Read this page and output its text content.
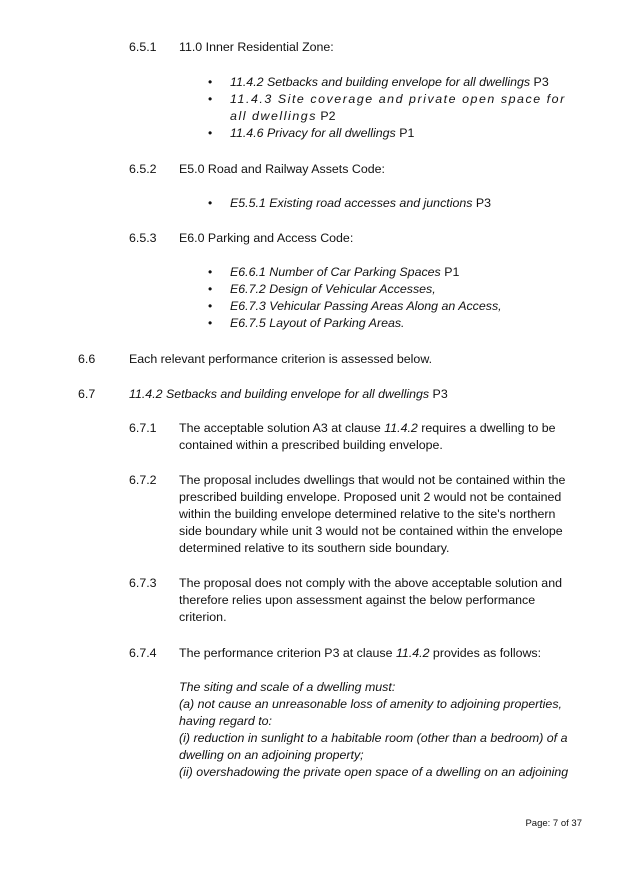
6.5.1 11.0 Inner Residential Zone:
• 11.4.2 Setbacks and building envelope for all dwellings P3
• 11.4.3 Site coverage and private open space for all dwellings P2
• 11.4.6 Privacy for all dwellings P1
6.5.2 E5.0 Road and Railway Assets Code:
• E5.5.1 Existing road accesses and junctions P3
6.5.3 E6.0 Parking and Access Code:
• E6.6.1 Number of Car Parking Spaces P1
• E6.7.2 Design of Vehicular Accesses,
• E6.7.3 Vehicular Passing Areas Along an Access,
• E6.7.5 Layout of Parking Areas.
6.6	Each relevant performance criterion is assessed below.
6.7	11.4.2 Setbacks and building envelope for all dwellings P3
6.7.1 The acceptable solution A3 at clause 11.4.2 requires a dwelling to be contained within a prescribed building envelope.
6.7.2 The proposal includes dwellings that would not be contained within the prescribed building envelope. Proposed unit 2 would not be contained within the building envelope determined relative to the site's northern side boundary while unit 3 would not be contained within the envelope determined relative to its southern side boundary.
6.7.3 The proposal does not comply with the above acceptable solution and therefore relies upon assessment against the below performance criterion.
6.7.4 The performance criterion P3 at clause 11.4.2 provides as follows:
The siting and scale of a dwelling must:
(a) not cause an unreasonable loss of amenity to adjoining properties, having regard to:
(i) reduction in sunlight to a habitable room (other than a bedroom) of a dwelling on an adjoining property;
(ii) overshadowing the private open space of a dwelling on an adjoining
Page: 7 of 37
